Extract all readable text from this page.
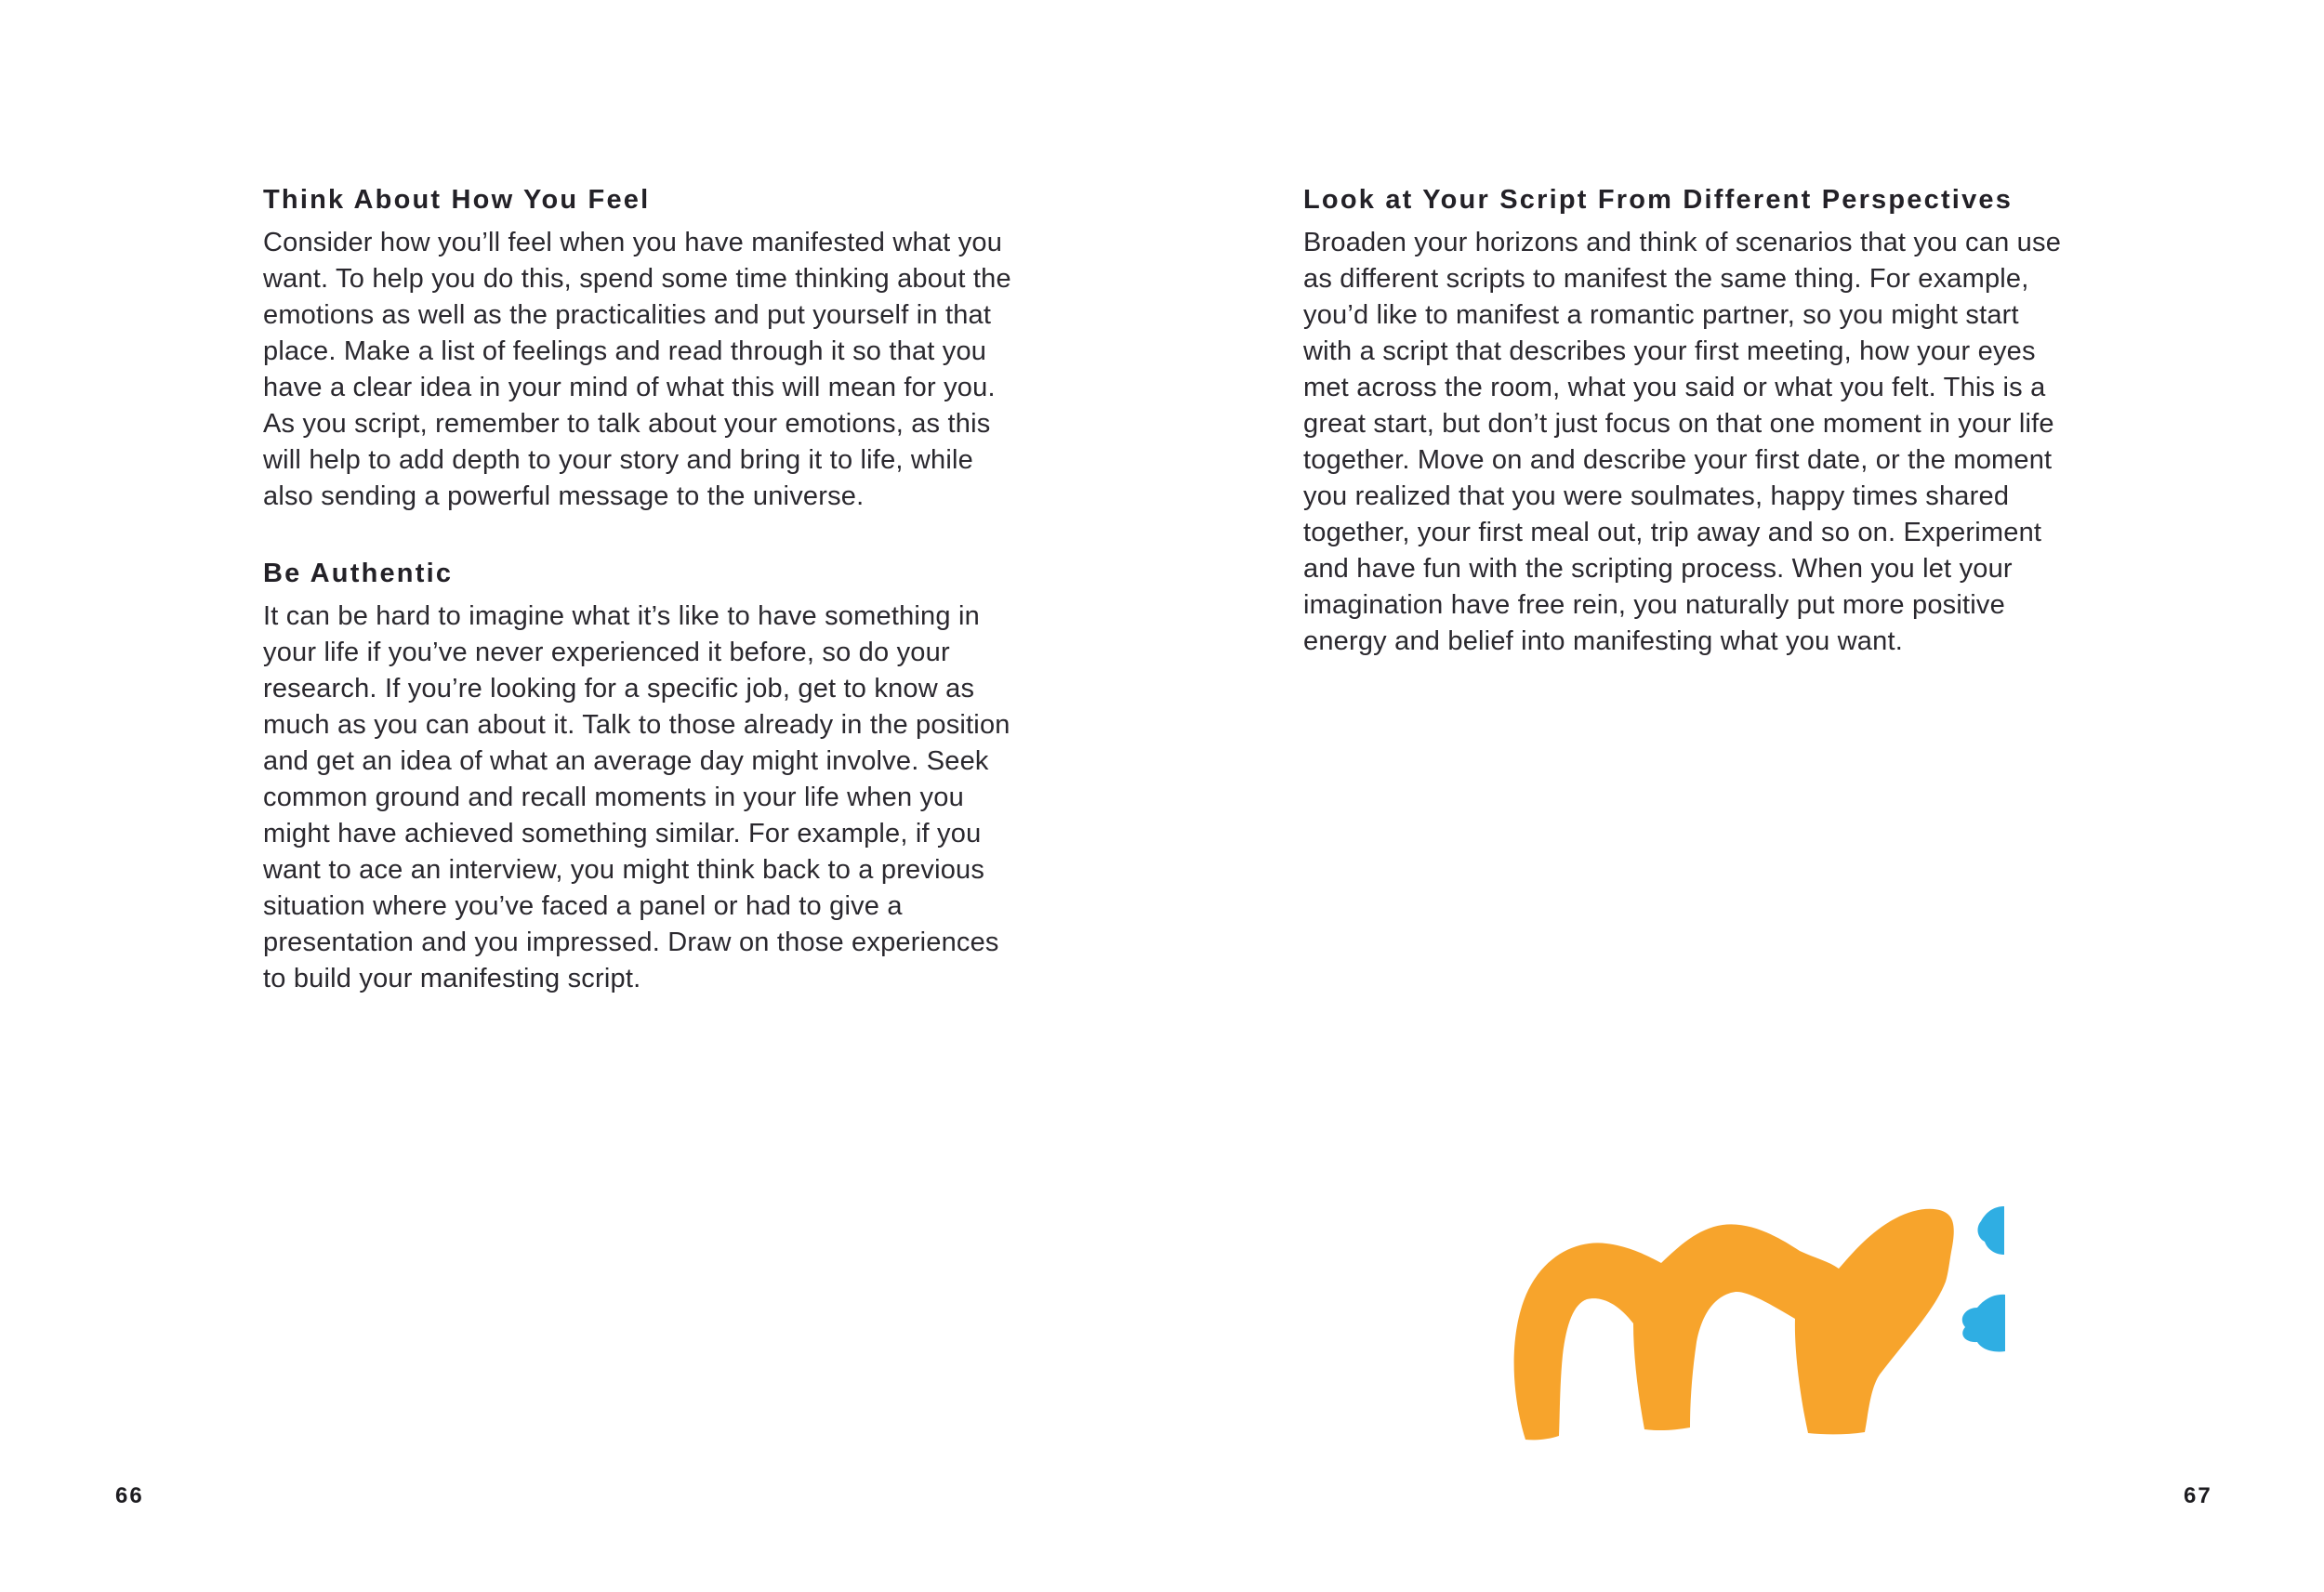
Think About How You Feel

Consider how you’ll feel when you have manifested what you want. To help you do this, spend some time thinking about the emotions as well as the practicalities and put yourself in that place. Make a list of feelings and read through it so that you have a clear idea in your mind of what this will mean for you. As you script, remember to talk about your emotions, as this will help to add depth to your story and bring it to life, while also sending a powerful message to the universe.

Be Authentic

It can be hard to imagine what it’s like to have something in your life if you’ve never experienced it before, so do your research. If you’re looking for a specific job, get to know as much as you can about it. Talk to those already in the position and get an idea of what an average day might involve. Seek common ground and recall moments in your life when you might have achieved something similar. For example, if you want to ace an interview, you might think back to a previous situation where you’ve faced a panel or had to give a presentation and you impressed. Draw on those experiences to build your manifesting script.

Look at Your Script From Different Perspectives

Broaden your horizons and think of scenarios that you can use as different scripts to manifest the same thing. For example, you’d like to manifest a romantic partner, so you might start with a script that describes your first meeting, how your eyes met across the room, what you said or what you felt. This is a great start, but don’t just focus on that one moment in your life together. Move on and describe your first date, or the moment you realized that you were soulmates, happy times shared together, your first meal out, trip away and so on. Experiment and have fun with the scripting process. When you let your imagination have free rein, you naturally put more positive energy and belief into manifesting what you want.

66	67
